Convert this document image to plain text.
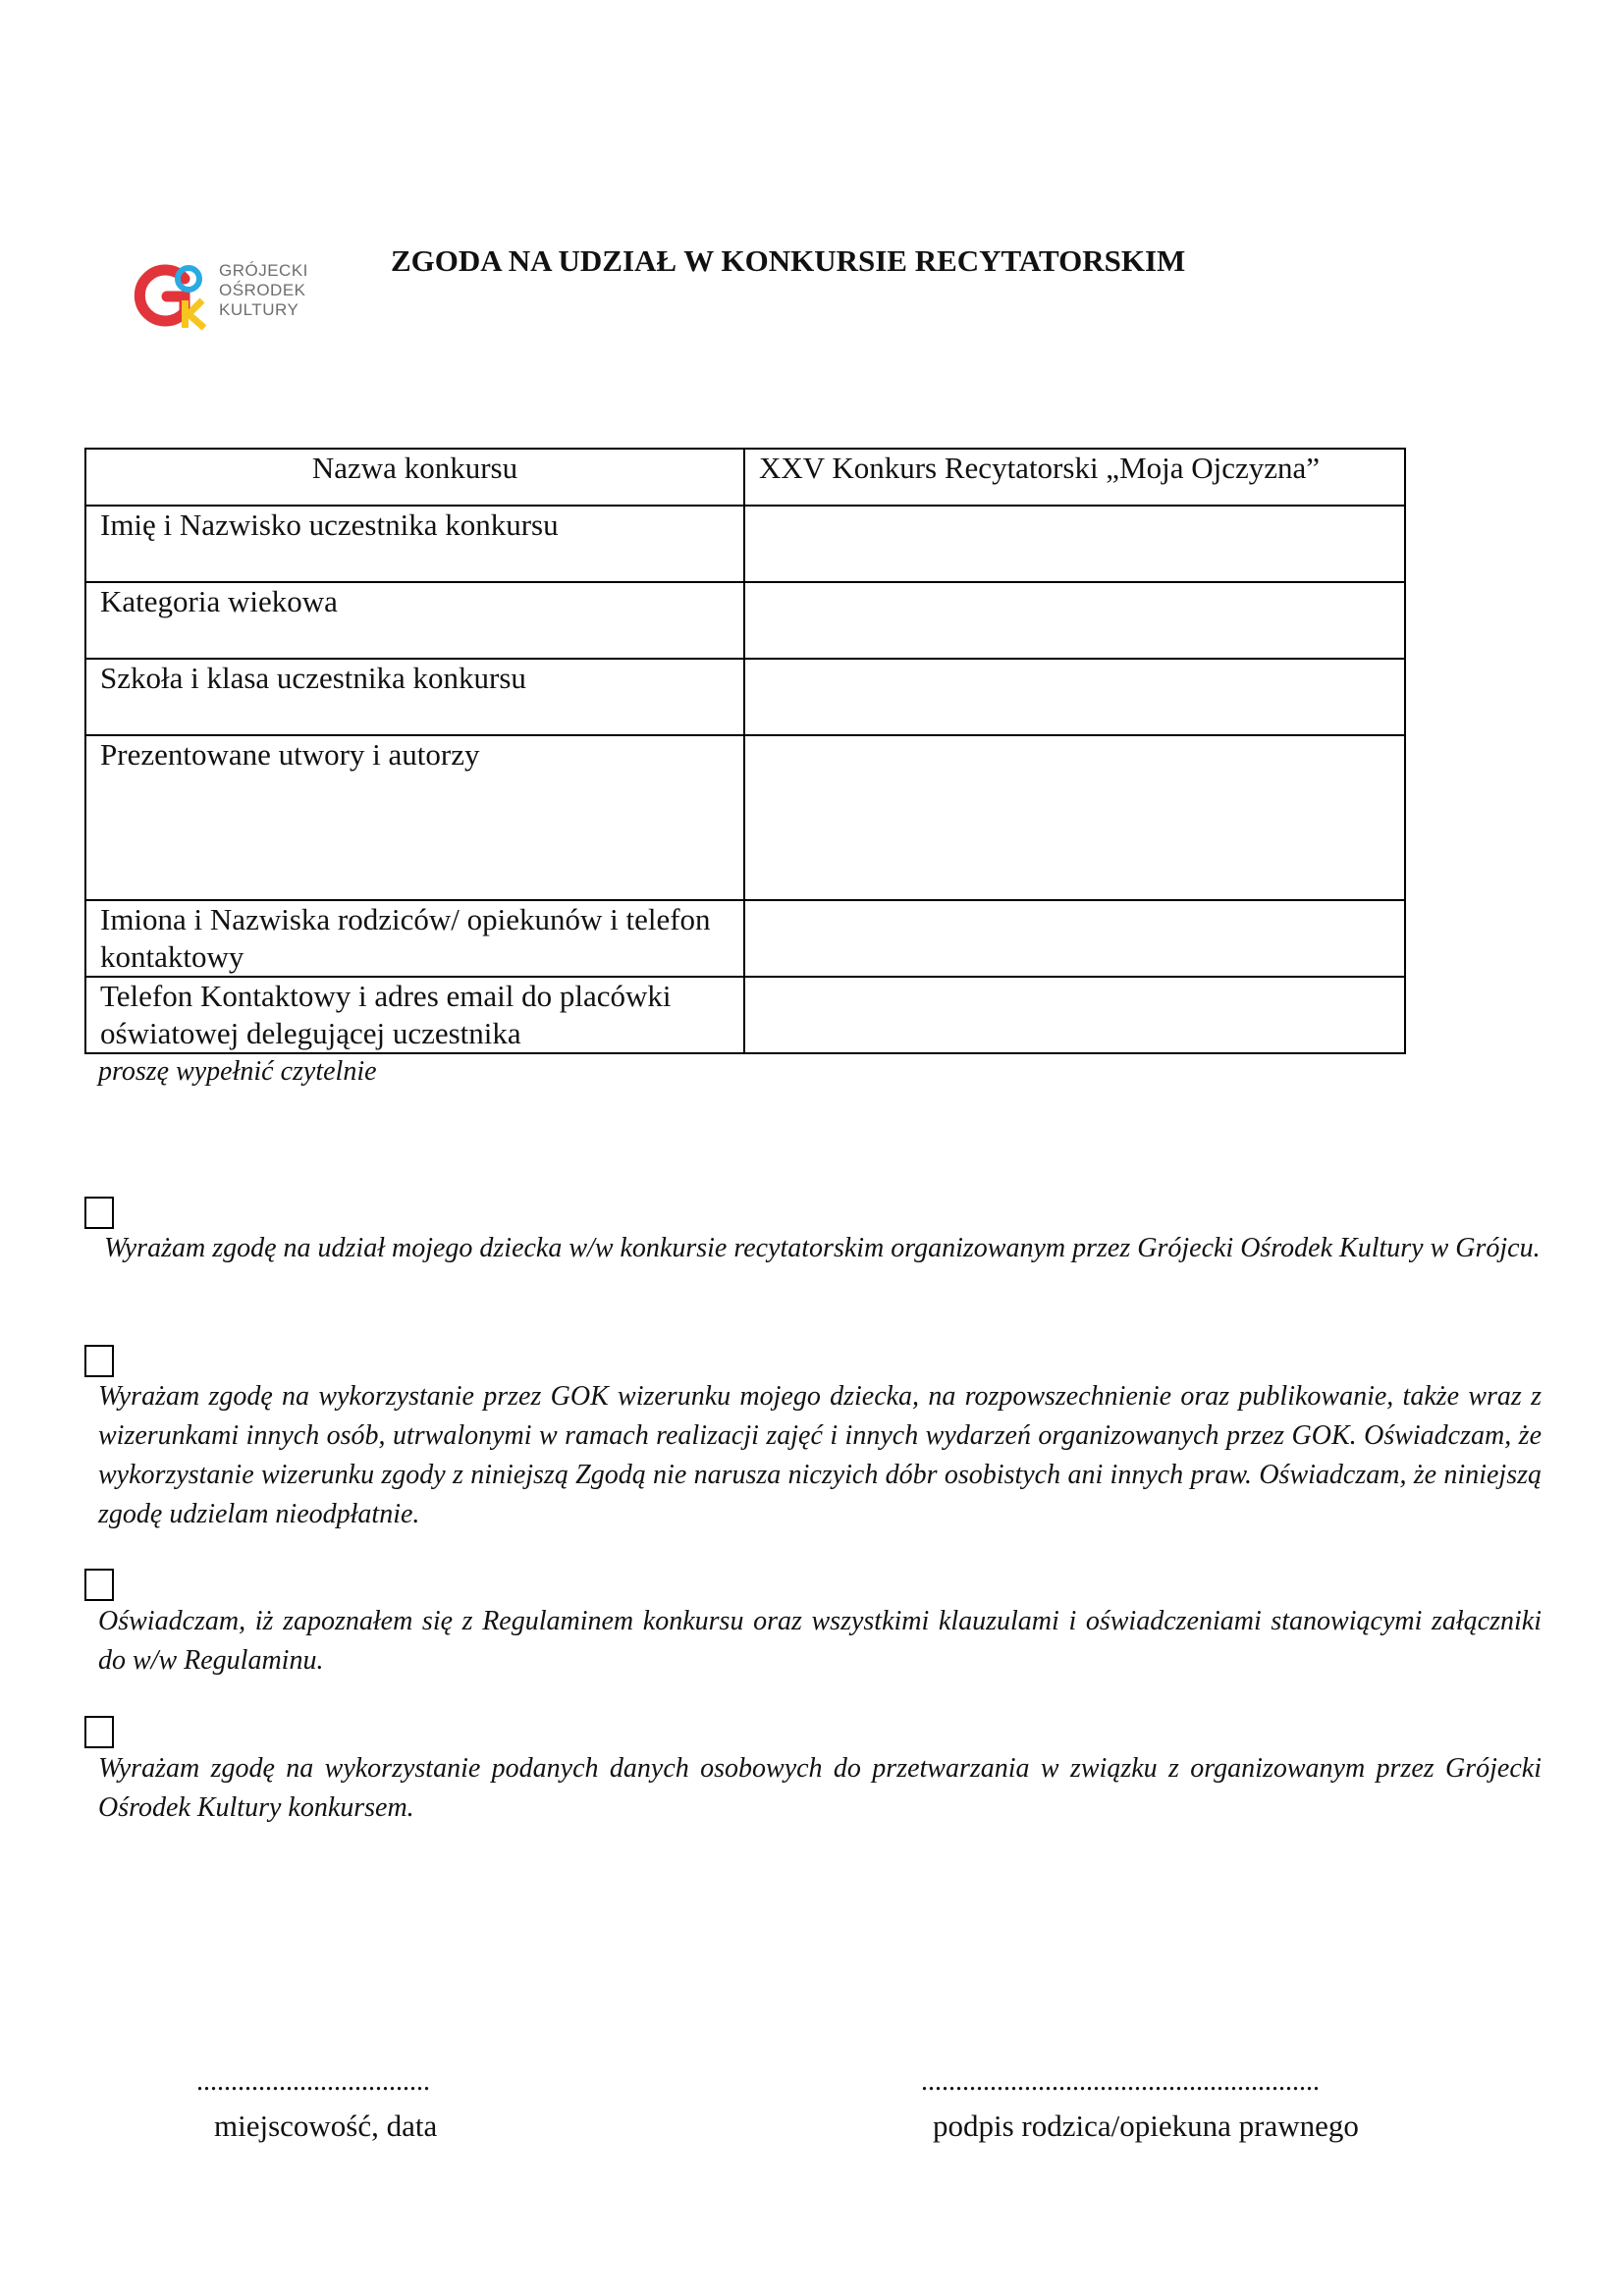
GRÓJECKI
OŚRODEK
KULTURY
ZGODA NA UDZIAŁ W KONKURSIE RECYTATORSKIM
Nazwa konkursu	XXV Konkurs Recytatorski „Moja Ojczyzna”
Imię i Nazwisko uczestnika konkursu	
Kategoria wiekowa	
Szkoła i klasa uczestnika konkursu	
Prezentowane utwory i autorzy	
Imiona i Nazwiska rodziców/ opiekunów i telefon kontaktowy	
Telefon Kontaktowy i adres email do placówki oświatowej delegującej uczestnika	
proszę wypełnić czytelnie
Wyrażam zgodę na udział mojego dziecka w/w konkursie recytatorskim organizowanym przez Grójecki Ośrodek Kultury w Grójcu.
Wyrażam zgodę na wykorzystanie przez GOK wizerunku mojego dziecka, na rozpowszechnienie oraz publikowanie, także wraz z wizerunkami innych osób, utrwalonymi w ramach realizacji zajęć i innych wydarzeń organizowanych przez GOK. Oświadczam, że wykorzystanie wizerunku zgody z niniejszą Zgodą nie narusza niczyich dóbr osobistych ani innych praw. Oświadczam, że niniejszą zgodę udzielam nieodpłatnie.
Oświadczam, iż zapoznałem się z Regulaminem konkursu oraz wszystkimi klauzulami i oświadczeniami stanowiącymi załączniki do w/w Regulaminu.
Wyrażam zgodę na wykorzystanie podanych danych osobowych do przetwarzania w związku z organizowanym przez Grójecki Ośrodek Kultury konkursem.
..................................
miejscowość, data
..........................................................
podpis rodzica/opiekuna prawnego
